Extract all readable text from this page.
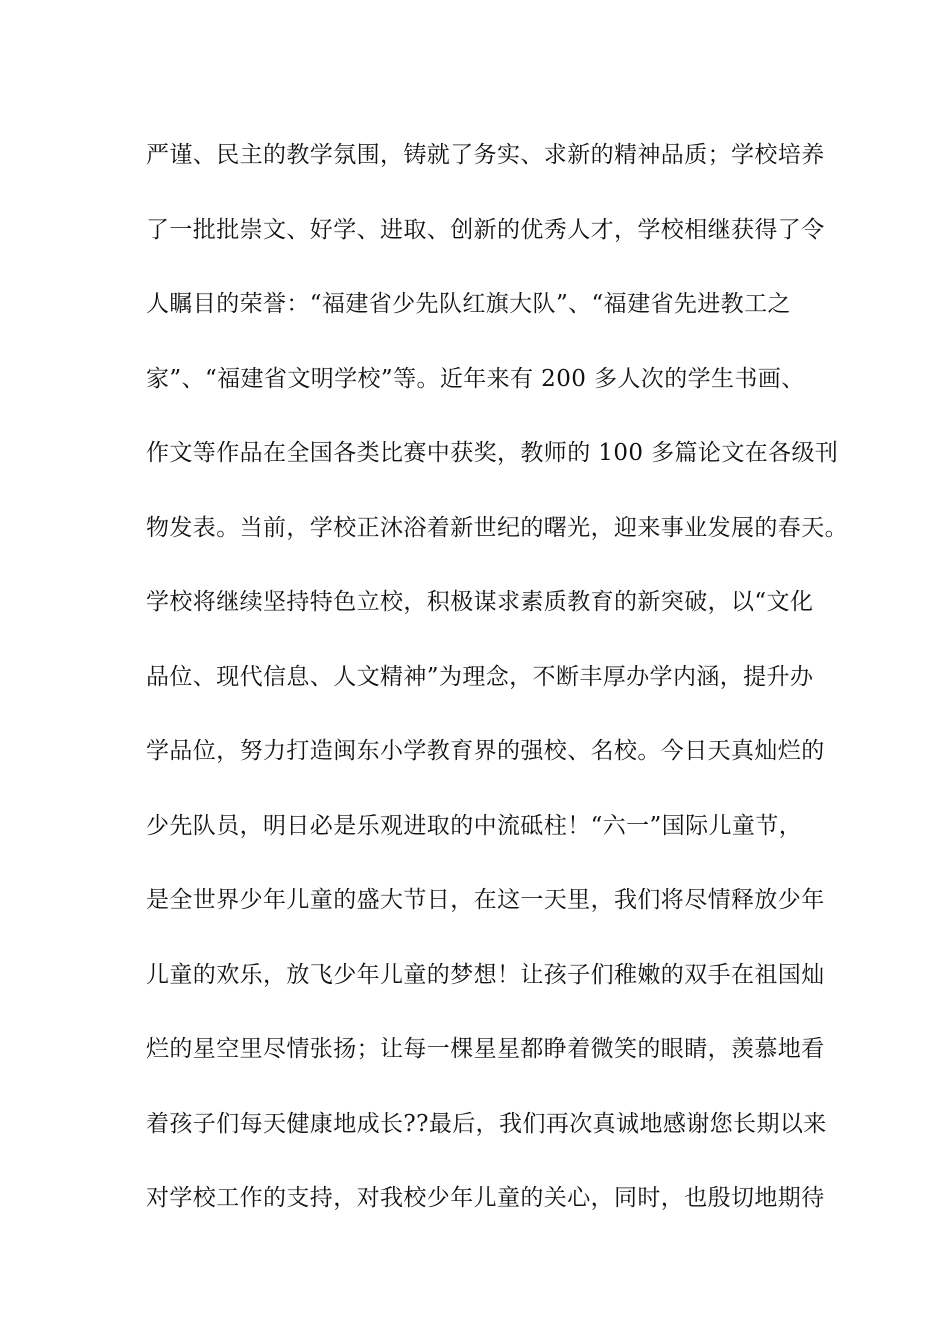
严谨、民主的教学氛围，铸就了务实、求新的精神品质；学校培养
了一批批崇文、好学、进取、创新的优秀人才，学校相继获得了令
人瞩目的荣誉：“福建省少先队红旗大队”、“福建省先进教工之
家”、“福建省文明学校”等。近年来有 200 多人次的学生书画、
作文等作品在全国各类比赛中获奖，教师的 100 多篇论文在各级刊
物发表。当前，学校正沐浴着新世纪的曙光，迎来事业发展的春天。
学校将继续坚持特色立校，积极谋求素质教育的新突破，以“文化
品位、现代信息、人文精神”为理念，不断丰厚办学内涵，提升办
学品位，努力打造闽东小学教育界的强校、名校。今日天真灿烂的
少先队员，明日必是乐观进取的中流砥柱！“六一”国际儿童节，
是全世界少年儿童的盛大节日，在这一天里，我们将尽情释放少年
儿童的欢乐，放飞少年儿童的梦想！让孩子们稚嫩的双手在祖国灿
烂的星空里尽情张扬；让每一棵星星都睁着微笑的眼睛，羡慕地看
着孩子们每天健康地成长??最后，我们再次真诚地感谢您长期以来
对学校工作的支持，对我校少年儿童的关心，同时，也殷切地期待
